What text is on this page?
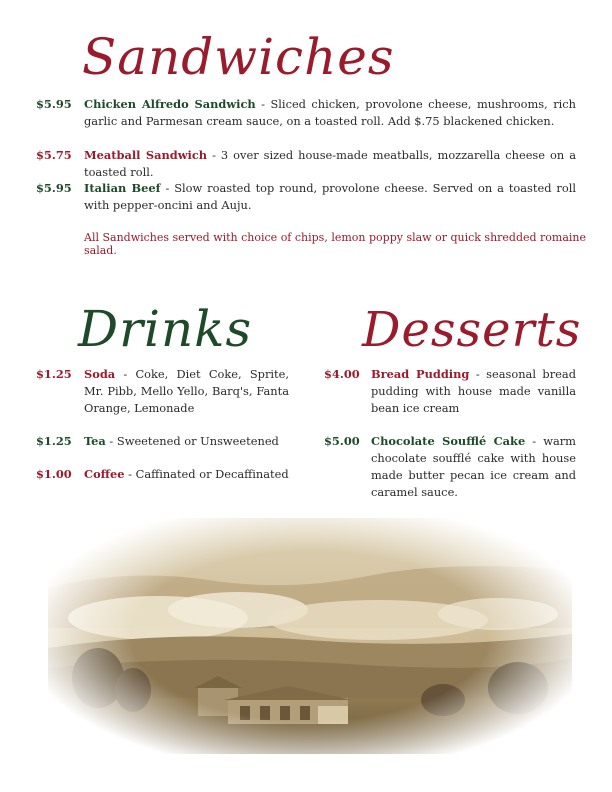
Sandwiches
$5.95 Chicken Alfredo Sandwich - Sliced chicken, provolone cheese, mushrooms, rich garlic and Parmesan cream sauce, on a toasted roll. Add $.75 blackened chicken.
$5.75 Meatball Sandwich - 3 over sized house-made meatballs, mozzarella cheese on a toasted roll.
$5.95 Italian Beef - Slow roasted top round, provolone cheese. Served on a toasted roll with pepper-oncini and Auju.
All Sandwiches served with choice of chips, lemon poppy slaw or quick shredded romaine salad.
Drinks Desserts
$1.25 Soda - Coke, Diet Coke, Sprite, Mr. Pibb, Mello Yello, Barq's, Fanta Orange, Lemonade
$1.25 Tea - Sweetened or Unsweetened
$1.00 Coffee - Caffinated or Decaffinated
$4.00 Bread Pudding - seasonal bread pudding with house made vanilla bean ice cream
$5.00 Chocolate Soufflé Cake - warm chocolate soufflé cake with house made butter pecan ice cream and caramel sauce.
